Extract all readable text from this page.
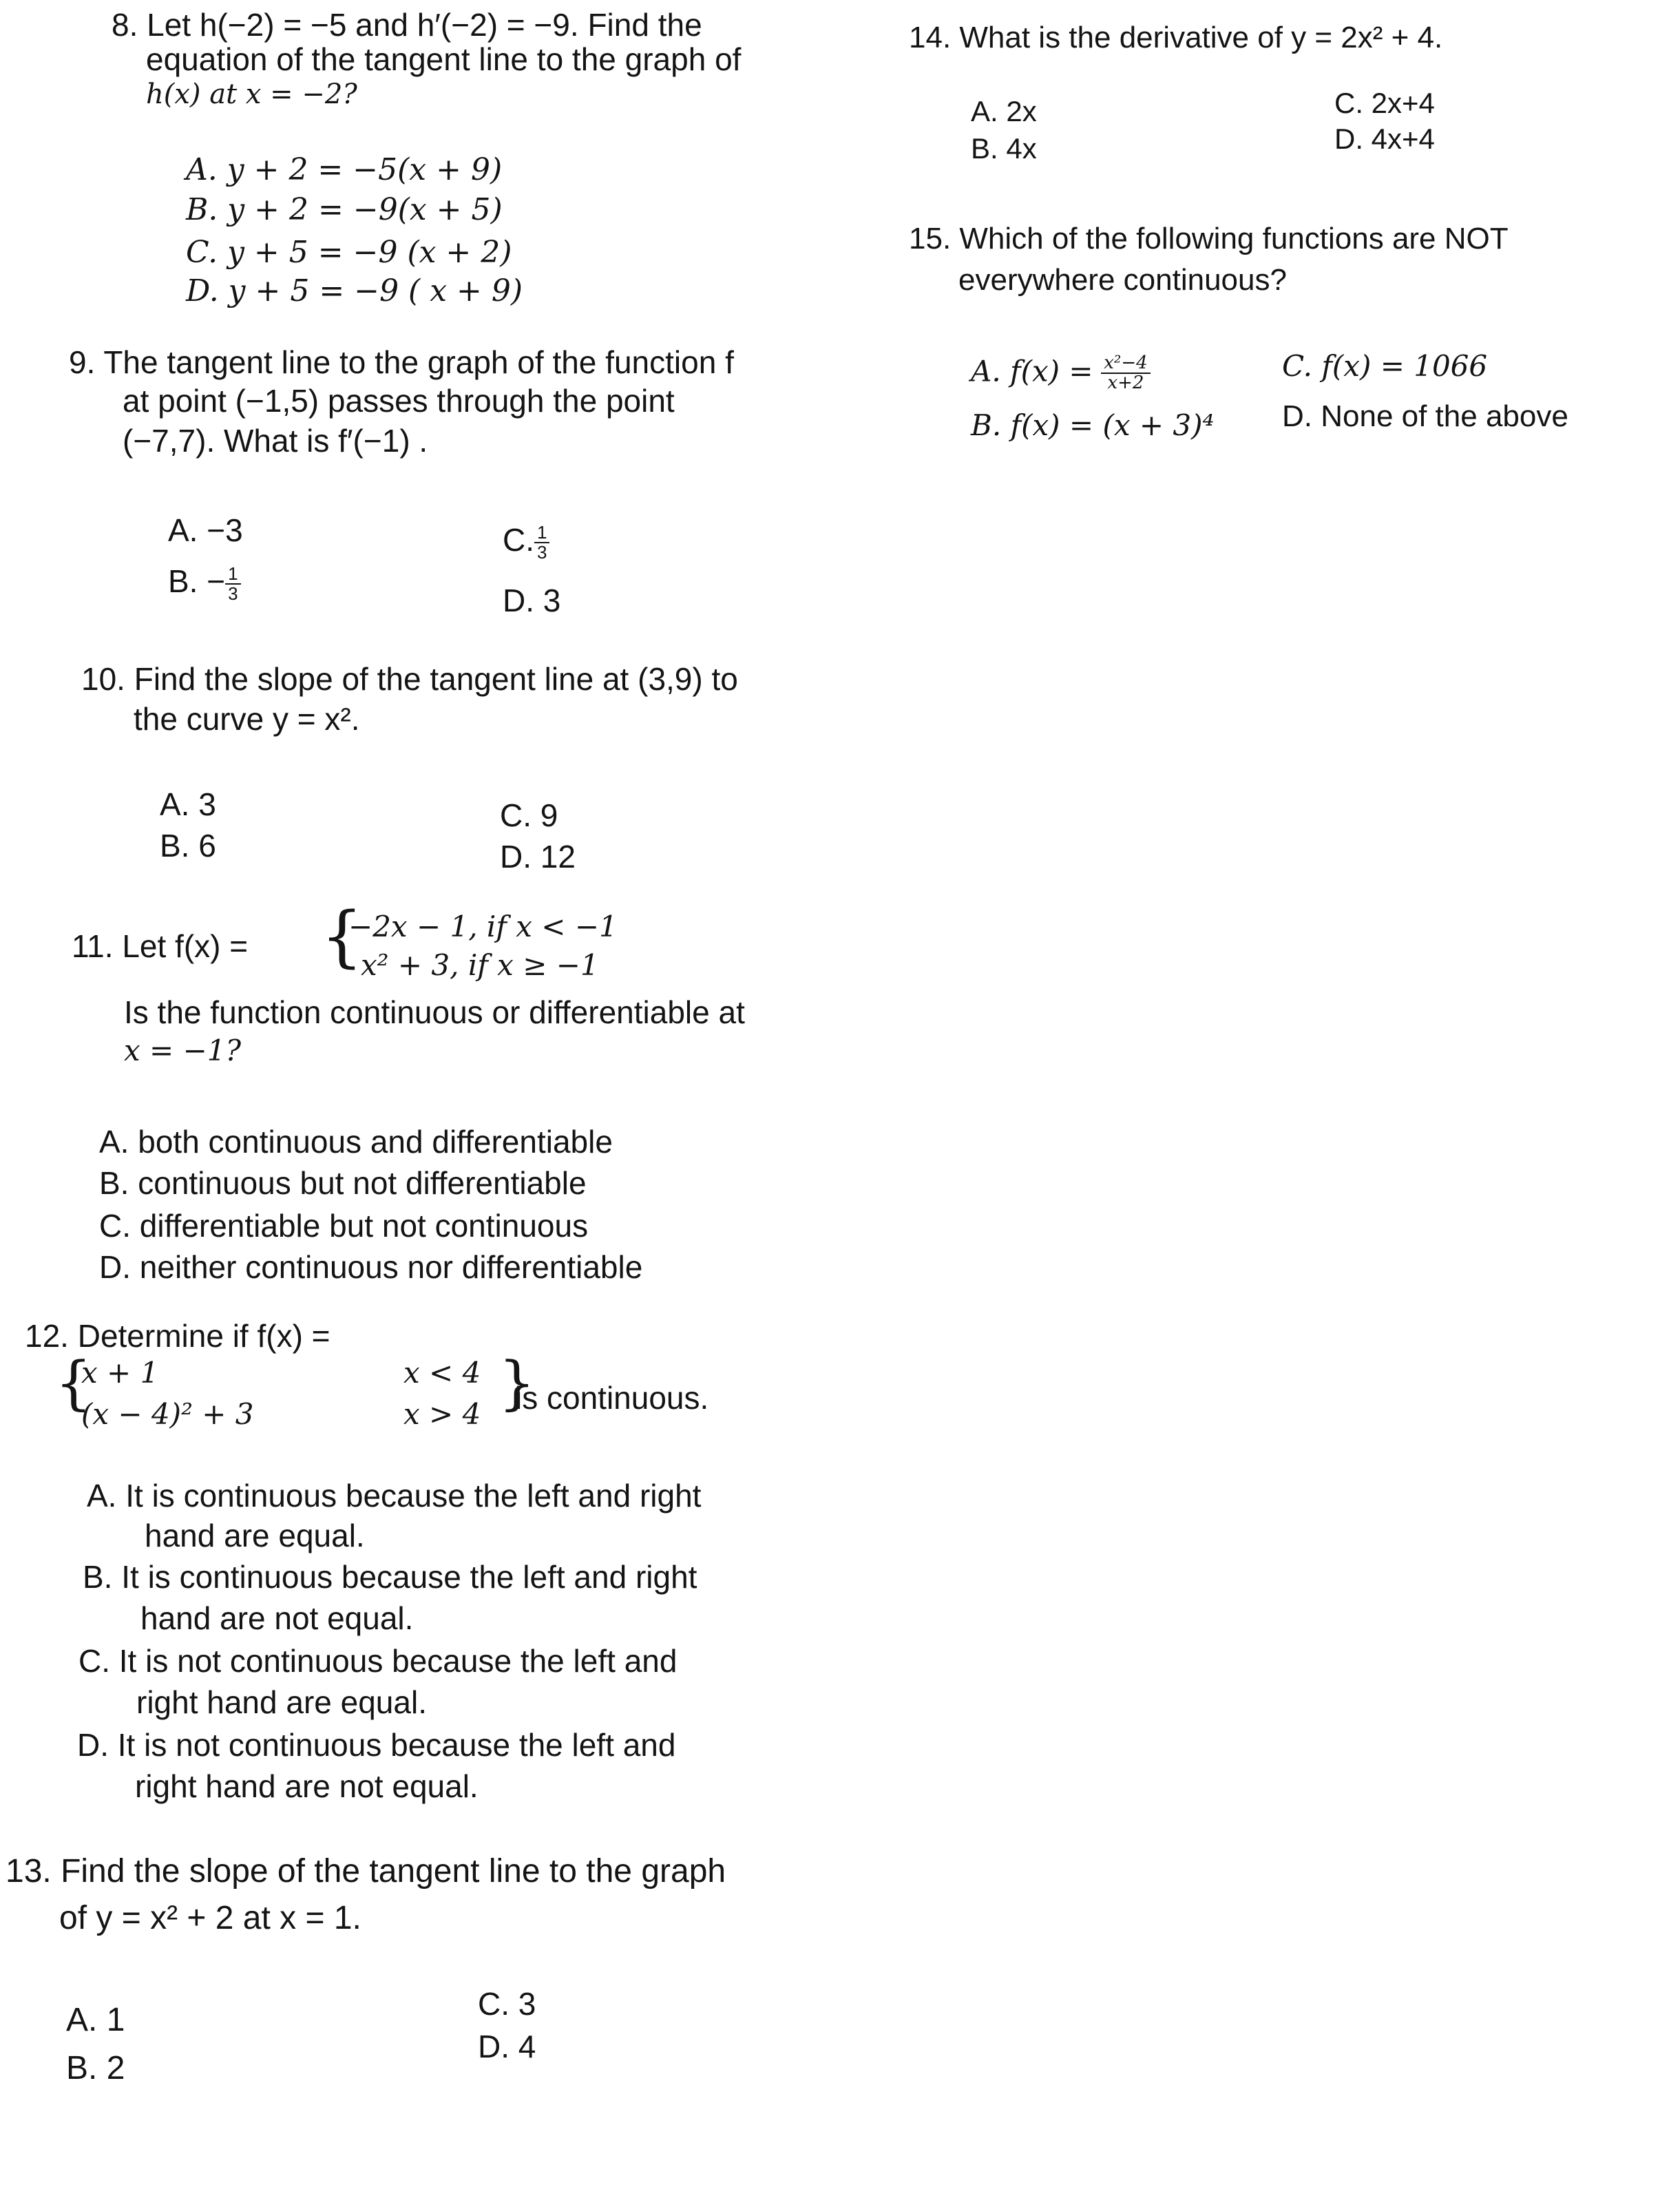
8. Let h(−2) = −5 and h′(−2) = −9. Find the
equation of the tangent line to the graph of
h(x) at x = −2?
A. y + 2 = −5(x + 9)
B. y + 2 = −9(x + 5)
C. y + 5 = −9 (x + 2)
D. y + 5 = −9 ( x + 9)
9. The tangent line to the graph of the function f
at point (−1,5) passes through the point
(−7,7). What is f′(−1) .
A. −3
B. − $\frac{1}{3}$
C. $\frac{1}{3}$
D. 3
10. Find the slope of the tangent line at (3,9) to
the curve y = x².
A. 3
B. 6
C. 9
D. 12
11. Let f(x) = {
−2x − 1, if x < −1
x² + 3, if x ≥ −1
Is the function continuous or differentiable at
x = −1?
A. both continuous and differentiable
B. continuous but not differentiable
C. differentiable but not continuous
D. neither continuous nor differentiable
12. Determine if f(x) =
{
x + 1
(x − 4)² + 3
x < 4
x > 4 }
is continuous.
A. It is continuous because the left and right
hand are equal.
B. It is continuous because the left and right
hand are not equal.
C. It is not continuous because the left and
right hand are equal.
D. It is not continuous because the left and
right hand are not equal.
13. Find the slope of the tangent line to the graph
of y = x² + 2 at x = 1.
A. 1
B. 2
C. 3
D. 4
14. What is the derivative of y = 2x² + 4.
A. 2x
B. 4x
C. 2x+4
D. 4x+4
15. Which of the following functions are NOT
everywhere continuous?
A. $f(x) = \frac{\text{x²−4}}{x+2}$
B. f(x) = (x + 3)⁴
C. f(x) = 1066
D. None of the above
